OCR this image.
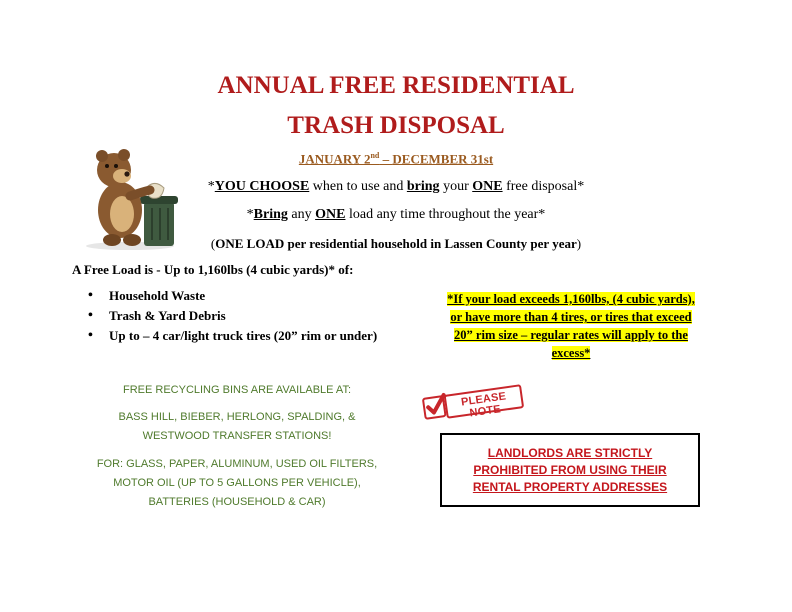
ANNUAL FREE RESIDENTIAL
TRASH DISPOSAL
JANUARY 2nd – DECEMBER 31st
*YOU CHOOSE when to use and bring your ONE free disposal*
*Bring any ONE load any time throughout the year*
(ONE LOAD per residential household in Lassen County per year)
A Free Load is - Up to 1,160lbs (4 cubic yards)* of:
• Household Waste
• Trash & Yard Debris
• Up to – 4 car/light truck tires (20” rim or under)
*If your load exceeds 1,160lbs, (4 cubic yards), or have more than 4 tires, or tires that exceed 20” rim size – regular rates will apply to the excess*
FREE RECYCLING BINS ARE AVAILABLE AT:
BASS HILL, BIEBER, HERLONG, SPALDING, &
WESTWOOD TRANSFER STATIONS!
FOR: GLASS, PAPER, ALUMINUM, USED OIL FILTERS,
MOTOR OIL (UP TO 5 GALLONS PER VEHICLE),
BATTERIES (HOUSEHOLD & CAR)
PLEASE NOTE
LANDLORDS ARE STRICTLY
PROHIBITED FROM USING THEIR
RENTAL PROPERTY ADDRESSES
